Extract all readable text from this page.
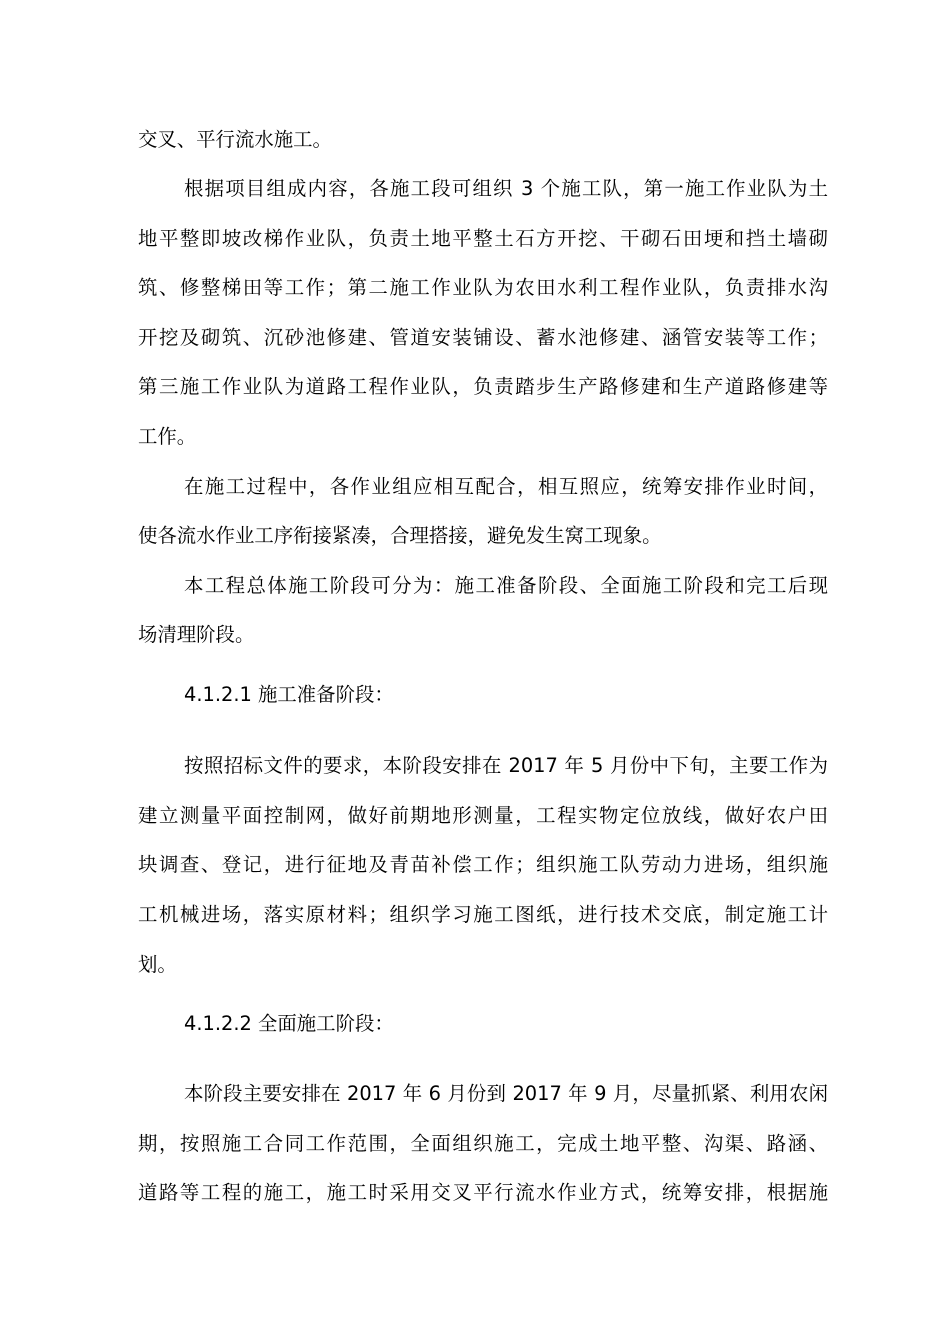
交叉、平行流水施工。
根据项目组成内容，各施工段可组织 3 个施工队，第一施工作业队为土
地平整即坡改梯作业队，负责土地平整土石方开挖、干砌石田埂和挡土墙砌
筑、修整梯田等工作；第二施工作业队为农田水利工程作业队，负责排水沟
开挖及砌筑、沉砂池修建、管道安装铺设、蓄水池修建、涵管安装等工作；
第三施工作业队为道路工程作业队，负责踏步生产路修建和生产道路修建等
工作。
在施工过程中，各作业组应相互配合，相互照应，统筹安排作业时间，
使各流水作业工序衔接紧凑，合理搭接，避免发生窝工现象。
本工程总体施工阶段可分为：施工准备阶段、全面施工阶段和完工后现
场清理阶段。
4.1.2.1 施工准备阶段：
按照招标文件的要求，本阶段安排在 2017 年 5 月份中下旬，主要工作为
建立测量平面控制网，做好前期地形测量，工程实物定位放线，做好农户田
块调查、登记，进行征地及青苗补偿工作；组织施工队劳动力进场，组织施
工机械进场，落实原材料；组织学习施工图纸，进行技术交底，制定施工计
划。
4.1.2.2 全面施工阶段：
本阶段主要安排在 2017 年 6 月份到 2017 年 9 月，尽量抓紧、利用农闲
期，按照施工合同工作范围，全面组织施工，完成土地平整、沟渠、路涵、
道路等工程的施工，施工时采用交叉平行流水作业方式，统筹安排，根据施
